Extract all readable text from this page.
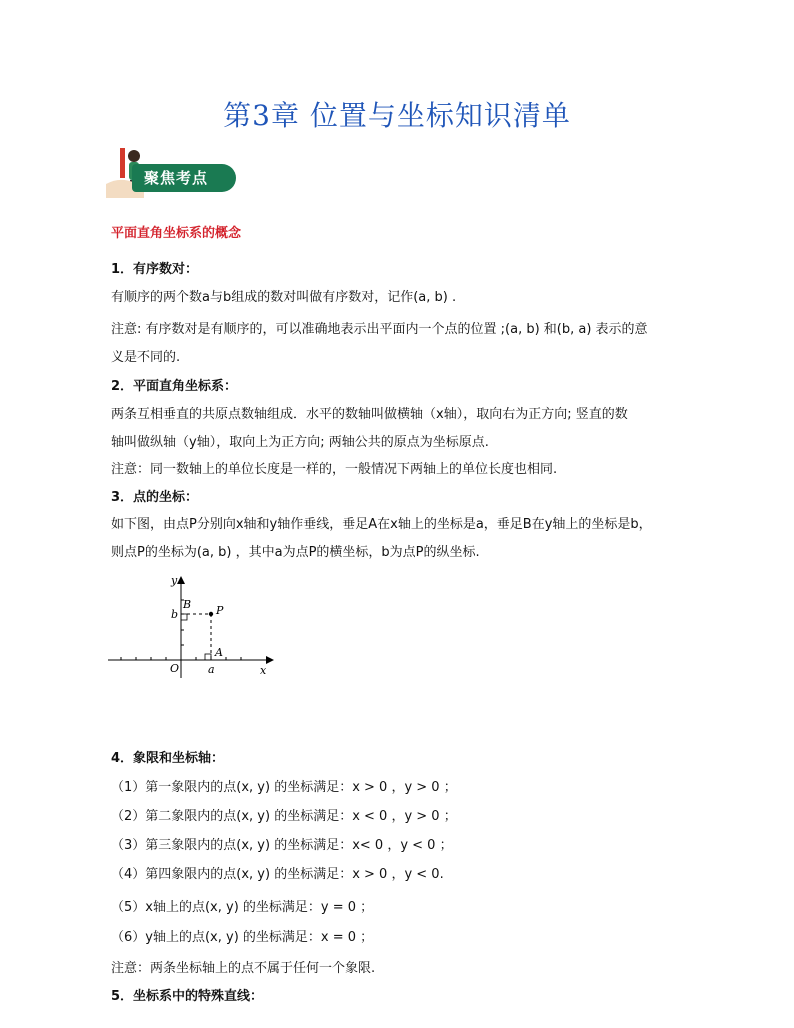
第3章 位置与坐标知识清单
聚焦考点
平面直角坐标系的概念
1．有序数对：
有顺序的两个数a与b组成的数对叫做有序数对，记作(a, b) .
注意: 有序数对是有顺序的，可以准确地表示出平面内一个点的位置 ;(a, b) 和(b, a) 表示的意
义是不同的.
2．平面直角坐标系：
两条互相垂直的共原点数轴组成．水平的数轴叫做横轴（x轴），取向右为正方向; 竖直的数
轴叫做纵轴（y轴），取向上为正方向; 两轴公共的原点为坐标原点.
注意：同一数轴上的单位长度是一样的，一般情况下两轴上的单位长度也相同.
3．点的坐标：
如下图，由点P分别向x轴和y轴作垂线，垂足A在x轴上的坐标是a，垂足B在y轴上的坐标是b，
则点P的坐标为(a, b) ，其中a为点P的横坐标，b为点P的纵坐标.
y
x
O
P
A
B
a
b
4．象限和坐标轴：
（1）第一象限内的点(x, y) 的坐标满足：x > 0 ，y > 0 ；
（2）第二象限内的点(x, y) 的坐标满足：x < 0 ，y > 0 ；
（3）第三象限内的点(x, y) 的坐标满足：x< 0 ，y < 0 ；
（4）第四象限内的点(x, y) 的坐标满足：x > 0 ，y < 0.
（5）x轴上的点(x, y) 的坐标满足：y = 0 ；
（6）y轴上的点(x, y) 的坐标满足：x = 0 ；
注意：两条坐标轴上的点不属于任何一个象限.
5．坐标系中的特殊直线：
